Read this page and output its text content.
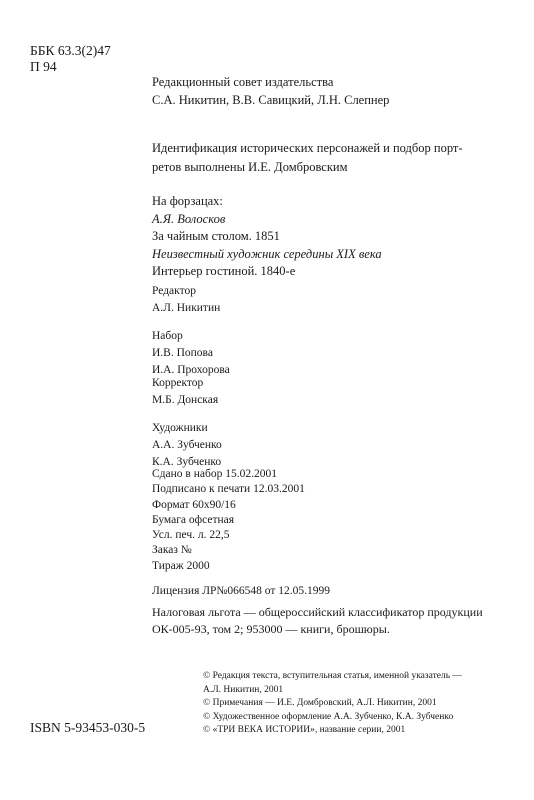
ББК 63.3(2)47
П 94
Редакционный совет издательства
С.А. Никитин, В.В. Савицкий, Л.Н. Слепнер
Идентификация исторических персонажей и подбор порт-
ретов выполнены И.Е. Домбровским
На форзацах:
А.Я. Волосков
За чайным столом. 1851
Неизвестный художник середины XIX века
Интерьер гостиной. 1840-е
Редактор
А.Л. Никитин
Набор
И.В. Попова
И.А. Прохорова
Корректор
М.Б. Донская
Художники
А.А. Зубченко
К.А. Зубченко
Сдано в набор 15.02.2001
Подписано к печати 12.03.2001
Формат 60x90/16
Бумага офсетная
Усл. печ. л. 22,5
Заказ №
Тираж 2000
Лицензия ЛР№066548 от 12.05.1999
Налоговая льгота — общероссийский классификатор продукции
ОК-005-93, том 2; 953000 — книги, брошюры.
© Редакция текста, вступительная статья, именной указатель —
А.Л. Никитин, 2001
© Примечания — И.Е. Домбровский, А.Л. Никитин, 2001
© Художественное оформление А.А. Зубченко, К.А. Зубченко
© «ТРИ ВЕКА ИСТОРИИ», название серии, 2001
ISBN 5-93453-030-5
